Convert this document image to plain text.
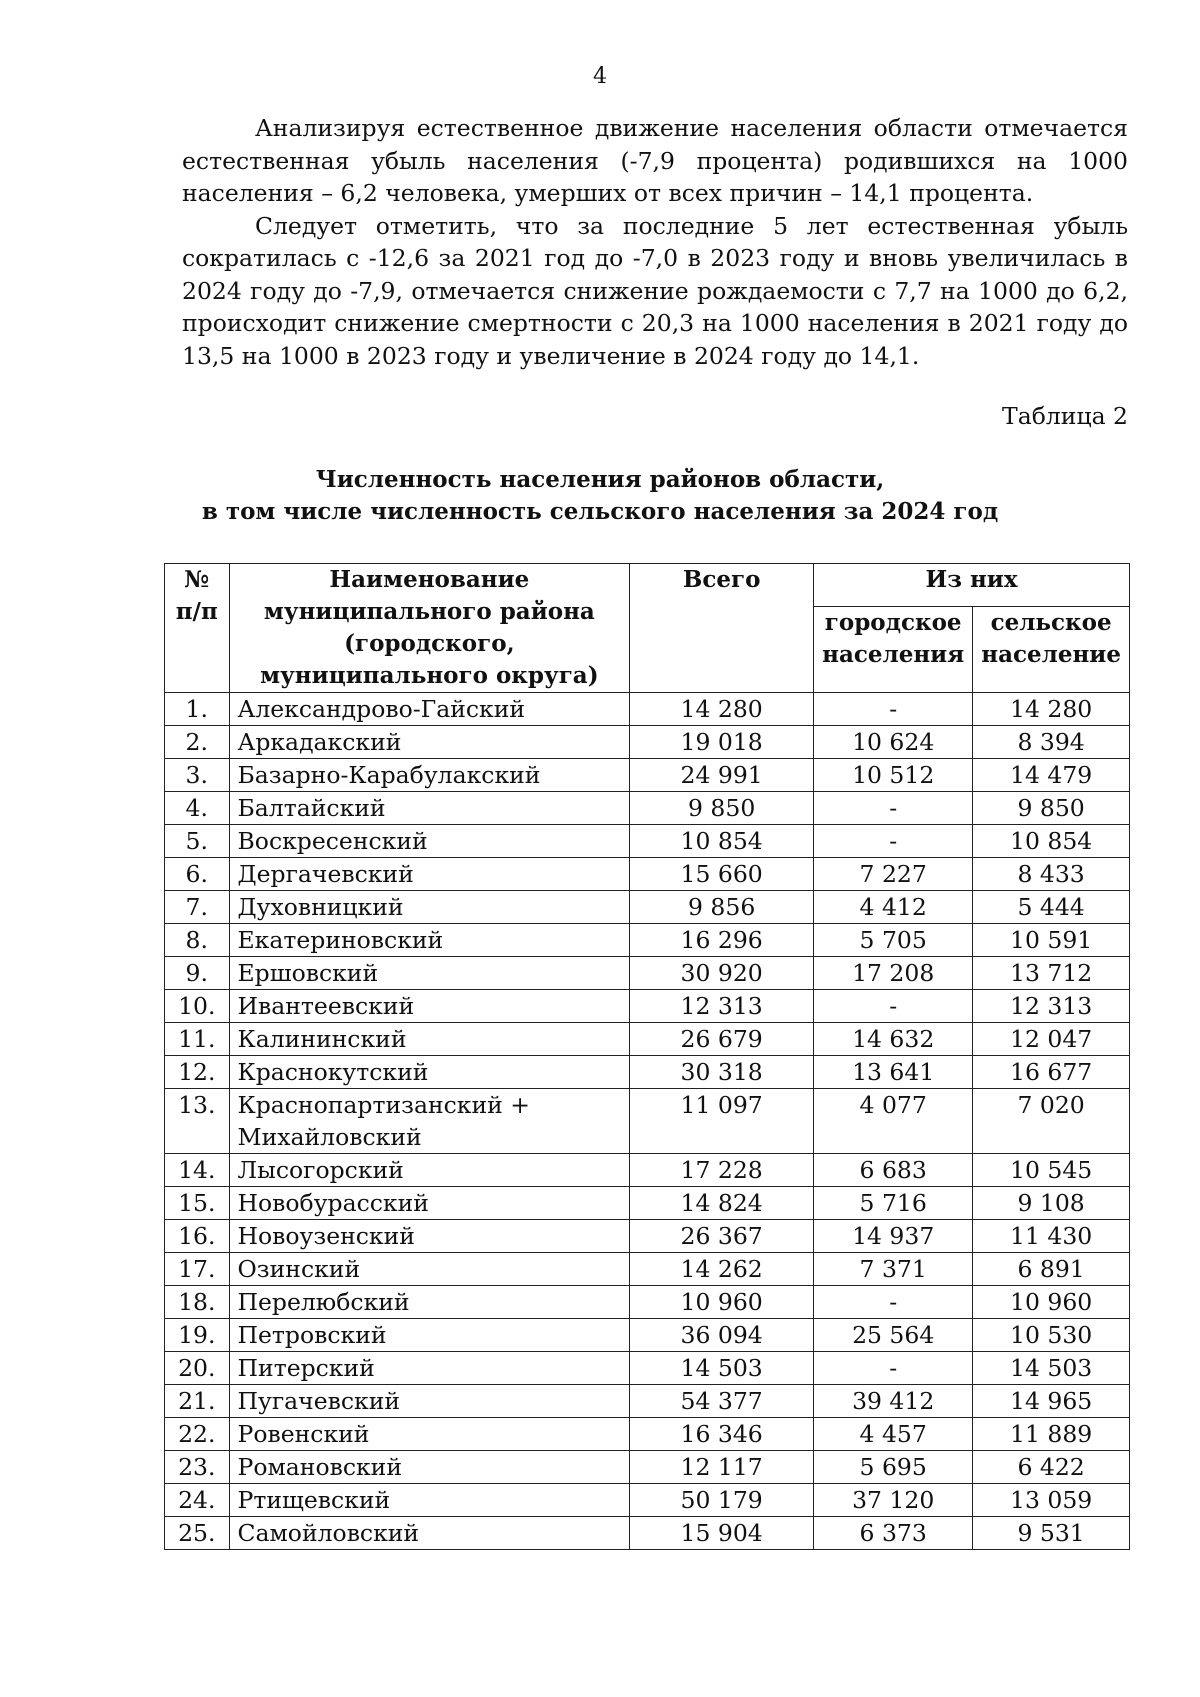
4

Анализируя естественное движение населения области отмечается естественная убыль населения (-7,9 процента) родившихся на 1000 населения – 6,2 человека, умерших от всех причин – 14,1 процента.

Следует отметить, что за последние 5 лет естественная убыль сократилась с -12,6 за 2021 год до -7,0 в 2023 году и вновь увеличилась в 2024 году до -7,9, отмечается снижение рождаемости с 7,7 на 1000 до 6,2, происходит снижение смертности с 20,3 на 1000 населения в 2021 году до 13,5 на 1000 в 2023 году и увеличение в 2024 году до 14,1.

Таблица 2
Численность населения районов области,
в том числе численность сельского населения за 2024 год
№ п/п	Наименование муниципального района (городского, муниципального округа)	Всего	Из них	
			городское населения	сельское население
1.	Александрово-Гайский	14 280	-	14 280
2.	Аркадакский	19 018	10 624	8 394
3.	Базарно-Карабулакский	24 991	10 512	14 479
4.	Балтайский	9 850	-	9 850
5.	Воскресенский	10 854	-	10 854
6.	Дергачевский	15 660	7 227	8 433
7.	Духовницкий	9 856	4 412	5 444
8.	Екатериновский	16 296	5 705	10 591
9.	Ершовский	30 920	17 208	13 712
10.	Ивантеевский	12 313	-	12 313
11.	Калининский	26 679	14 632	12 047
12.	Краснокутский	30 318	13 641	16 677
13.	Краснопартизанский + Михайловский	11 097	4 077	7 020
14.	Лысогорский	17 228	6 683	10 545
15.	Новобурасский	14 824	5 716	9 108
16.	Новоузенский	26 367	14 937	11 430
17.	Озинский	14 262	7 371	6 891
18.	Перелюбский	10 960	-	10 960
19.	Петровский	36 094	25 564	10 530
20.	Питерский	14 503	-	14 503
21.	Пугачевский	54 377	39 412	14 965
22.	Ровенский	16 346	4 457	11 889
23.	Романовский	12 117	5 695	6 422
24.	Ртищевский	50 179	37 120	13 059
25.	Самойловский	15 904	6 373	9 531
